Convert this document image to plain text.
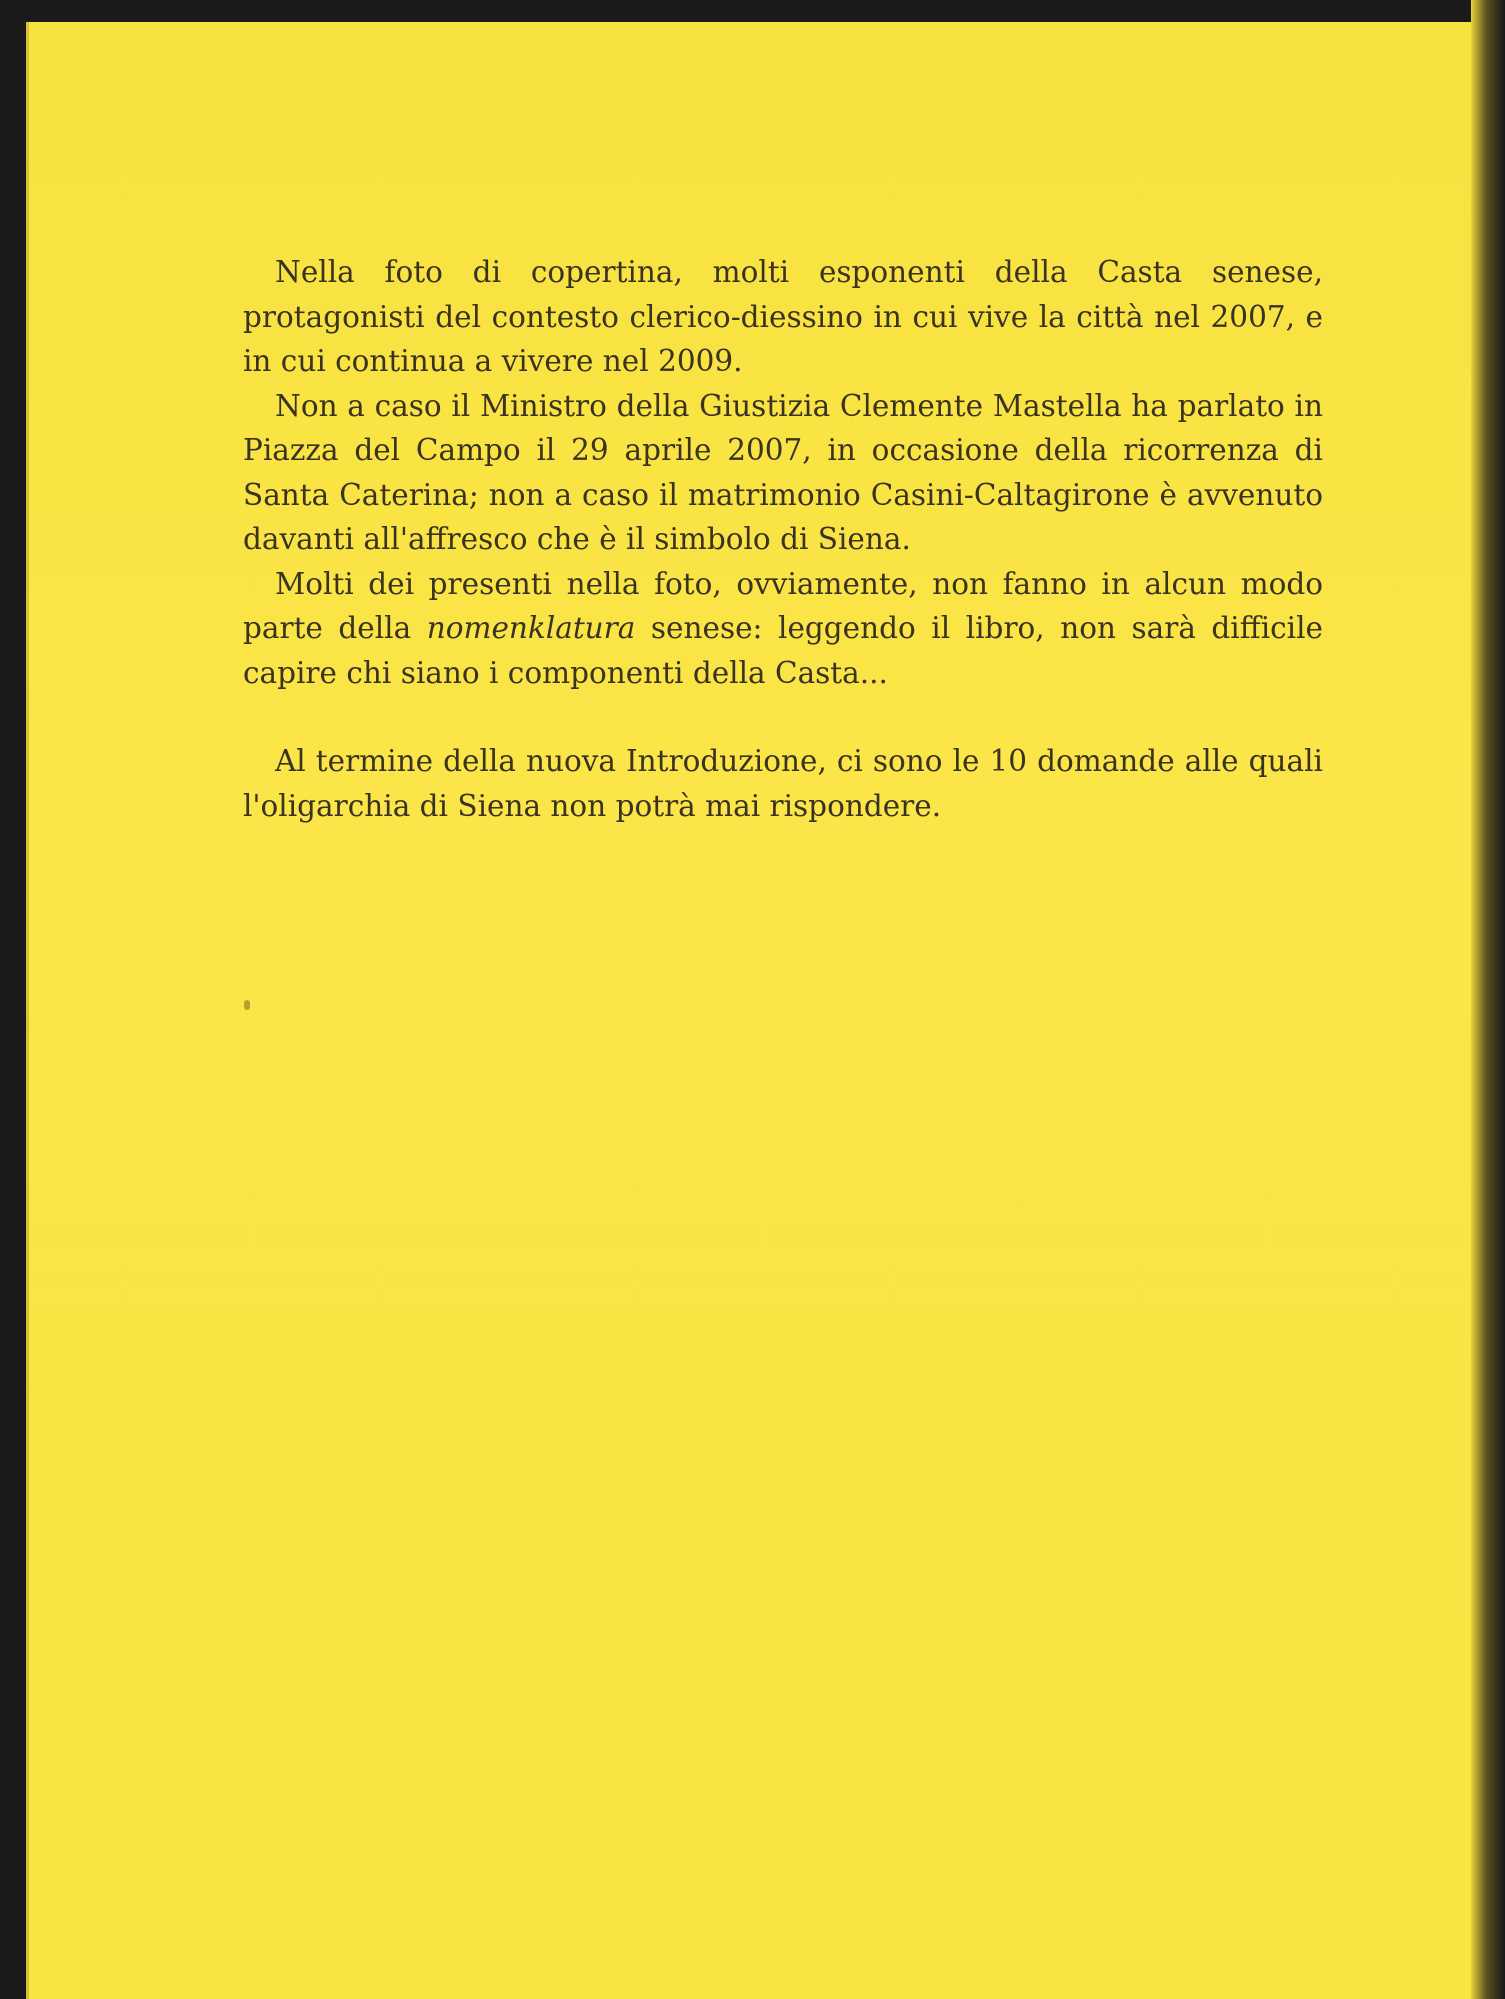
Nella foto di copertina, molti esponenti della Casta senese, protagonisti del contesto clerico-diessino in cui vive la città nel 2007, e in cui continua a vivere nel 2009.

Non a caso il Ministro della Giustizia Clemente Mastella ha parlato in Piazza del Campo il 29 aprile 2007, in occasione della ricorrenza di Santa Caterina; non a caso il matrimonio Casini-Caltagirone è avvenuto davanti all'affresco che è il simbolo di Siena.

Molti dei presenti nella foto, ovviamente, non fanno in alcun modo parte della nomenklatura senese: leggendo il libro, non sarà difficile capire chi siano i componenti della Casta...

Al termine della nuova Introduzione, ci sono le 10 domande alle quali l'oligarchia di Siena non potrà mai rispondere.
